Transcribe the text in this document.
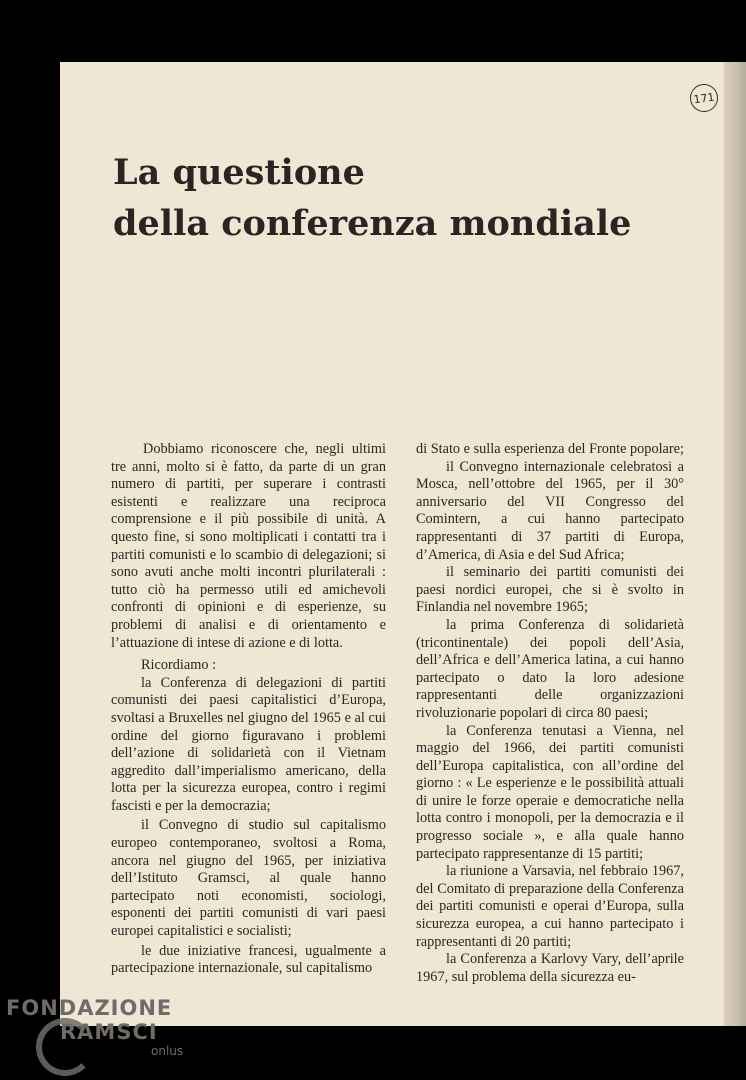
171
La questione
della conferenza mondiale

Dobbiamo riconoscere che, negli ultimi tre anni, molto si è fatto, da parte di un gran numero di partiti, per superare i contrasti esistenti e realizzare una reciproca comprensione e il più possibile di unità. A questo fine, si sono moltiplicati i contatti tra i partiti comunisti e lo scambio di delegazioni; si sono avuti anche molti incontri plurilaterali : tutto ciò ha permesso utili ed amichevoli confronti di opinioni e di esperienze, su problemi di analisi e di orientamento e l’attuazione di intese di azione e di lotta.

Ricordiamo :

la Conferenza di delegazioni di partiti comunisti dei paesi capitalistici d’Europa, svoltasi a Bruxelles nel giugno del 1965 e al cui ordine del giorno figuravano i problemi dell’azione di solidarietà con il Vietnam aggredito dall’imperialismo americano, della lotta per la sicurezza europea, contro i regimi fascisti e per la democrazia;

il Convegno di studio sul capitalismo europeo contemporaneo, svoltosi a Roma, ancora nel giugno del 1965, per iniziativa dell’Istituto Gramsci, al quale hanno partecipato noti economisti, sociologi, esponenti dei partiti comunisti di vari paesi europei capitalistici e socialisti;

le due iniziative francesi, ugualmente a partecipazione internazionale, sul capitalismo

di Stato e sulla esperienza del Fronte popolare;

il Convegno internazionale celebratosi a Mosca, nell’ottobre del 1965, per il 30° anniversario del VII Congresso del Comintern, a cui hanno partecipato rappresentanti di 37 partiti di Europa, d’America, di Asia e del Sud Africa;

il seminario dei partiti comunisti dei paesi nordici europei, che si è svolto in Finlandia nel novembre 1965;

la prima Conferenza di solidarietà (tricontinentale) dei popoli dell’Asia, dell’Africa e dell’America latina, a cui hanno partecipato o dato la loro adesione rappresentanti delle organizzazioni rivoluzionarie popolari di circa 80 paesi;

la Conferenza tenutasi a Vienna, nel maggio del 1966, dei partiti comunisti dell’Europa capitalistica, con all’ordine del giorno : « Le esperienze e le possibilità attuali di unire le forze operaie e democratiche nella lotta contro i monopoli, per la democrazia e il progresso sociale », e alla quale hanno partecipato rappresentanze di 15 partiti;

la riunione a Varsavia, nel febbraio 1967, del Comitato di preparazione della Conferenza dei partiti comunisti e operai d’Europa, sulla sicurezza europea, a cui hanno partecipato i rappresentanti di 20 partiti;

la Conferenza a Karlovy Vary, dell’aprile 1967, sul problema della sicurezza eu-

FONDAZIONE
RAMSCI
onlus
